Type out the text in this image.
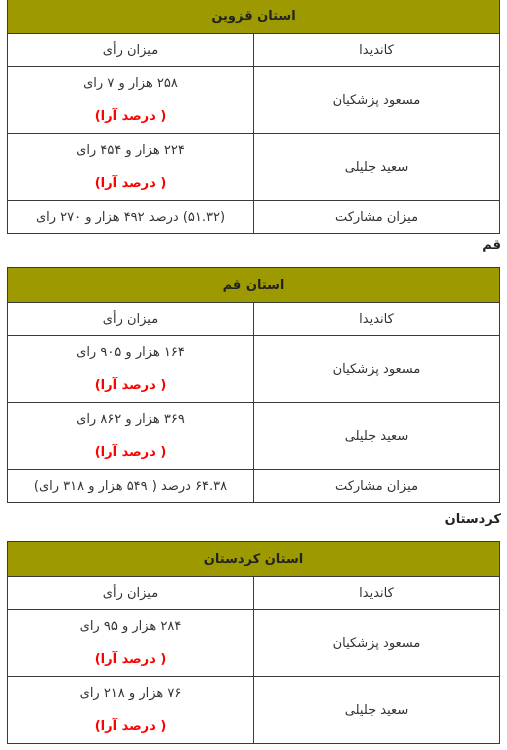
استان قزوین	
کاندیدا	میزان رأی
مسعود پزشکیان	۲۵۸ هزار و ۷ رای
( درصد آرا)

سعید جلیلی	۲۲۴ هزار و ۴۵۴ رای
( درصد آرا)

میزان مشارکت	(۵۱.۳۲) درصد ۴۹۲ هزار و ۲۷۰ رای
قم
استان قم	
کاندیدا	میزان رأی
مسعود پزشکیان	۱۶۴ هزار و ۹۰۵ رای
( درصد آرا)

سعید جلیلی	۳۶۹ هزار و ۸۶۲ رای
( درصد آرا)

میزان مشارکت	۶۴.۳۸ درصد ( ۵۴۹ هزار و ۳۱۸ رای)
کردستان
استان کردستان	
کاندیدا	میزان رأی
مسعود پزشکیان	۲۸۴ هزار و ۹۵ رای
( درصد آرا)

سعید جلیلی	۷۶ هزار و ۲۱۸ رای
( درصد آرا)
